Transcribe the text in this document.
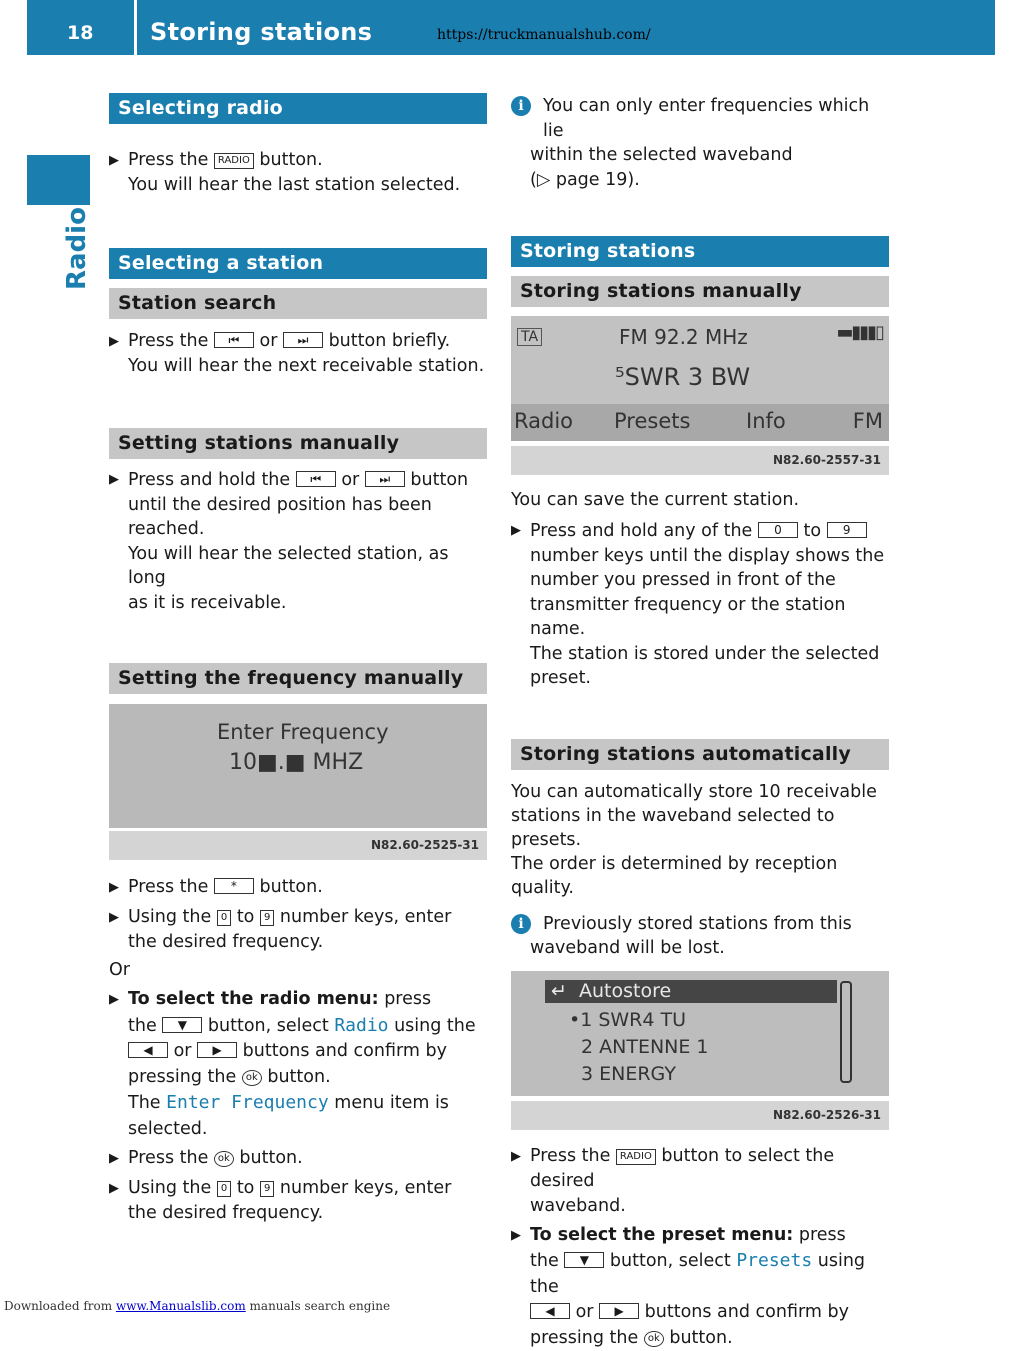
18 Storing stations	https://truckmanualshub.com/
Radio
Selecting radio
▶ Press the RADIO button.
You will hear the last station selected.
Selecting a station
Station search
▶ Press the ⏮ or ⏭ button briefly.
You will hear the next receivable station.
Setting stations manually
▶ Press and hold the ⏮ or ⏭ button
until the desired position has been
reached.
You will hear the selected station, as long
as it is receivable.
Setting the frequency manually
Enter Frequency
10■.■ MHZ
N82.60-2525-31
▶ Press the * button.
▶ Using the 0 to 9 number keys, enter
the desired frequency.
Or
▶ To select the radio menu: press
the ▼ button, select Radio using the
◀ or ▶ buttons and confirm by
pressing the ok button.
The Enter Frequency menu item is
selected.
▶ Press the ok button.
▶ Using the 0 to 9 number keys, enter
the desired frequency.
i	You can only enter frequencies which lie
within the selected waveband
(▷ page 19).
Storing stations
Storing stations manually
TA	FM 92.2 MHz	▬▮▮▮▯
⁵SWR 3 BW
Radio Presets	Info	FM
N82.60-2557-31
You can save the current station.
▶ Press and hold any of the 0 to 9
number keys until the display shows the
number you pressed in front of the
transmitter frequency or the station name.
The station is stored under the selected
preset.
Storing stations automatically
You can automatically store 10 receivable
stations in the waveband selected to presets.
The order is determined by reception quality.
i	Previously stored stations from this
waveband will be lost.
↵ Autostore
•1 SWR4 TU
2 ANTENNE 1
3 ENERGY
N82.60-2526-31
▶ Press the RADIO button to select the desired
waveband.
▶ To select the preset menu: press
the ▼ button, select Presets using the
◀ or ▶ buttons and confirm by
pressing the ok button.
Downloaded from www.Manualslib.com manuals search engine
